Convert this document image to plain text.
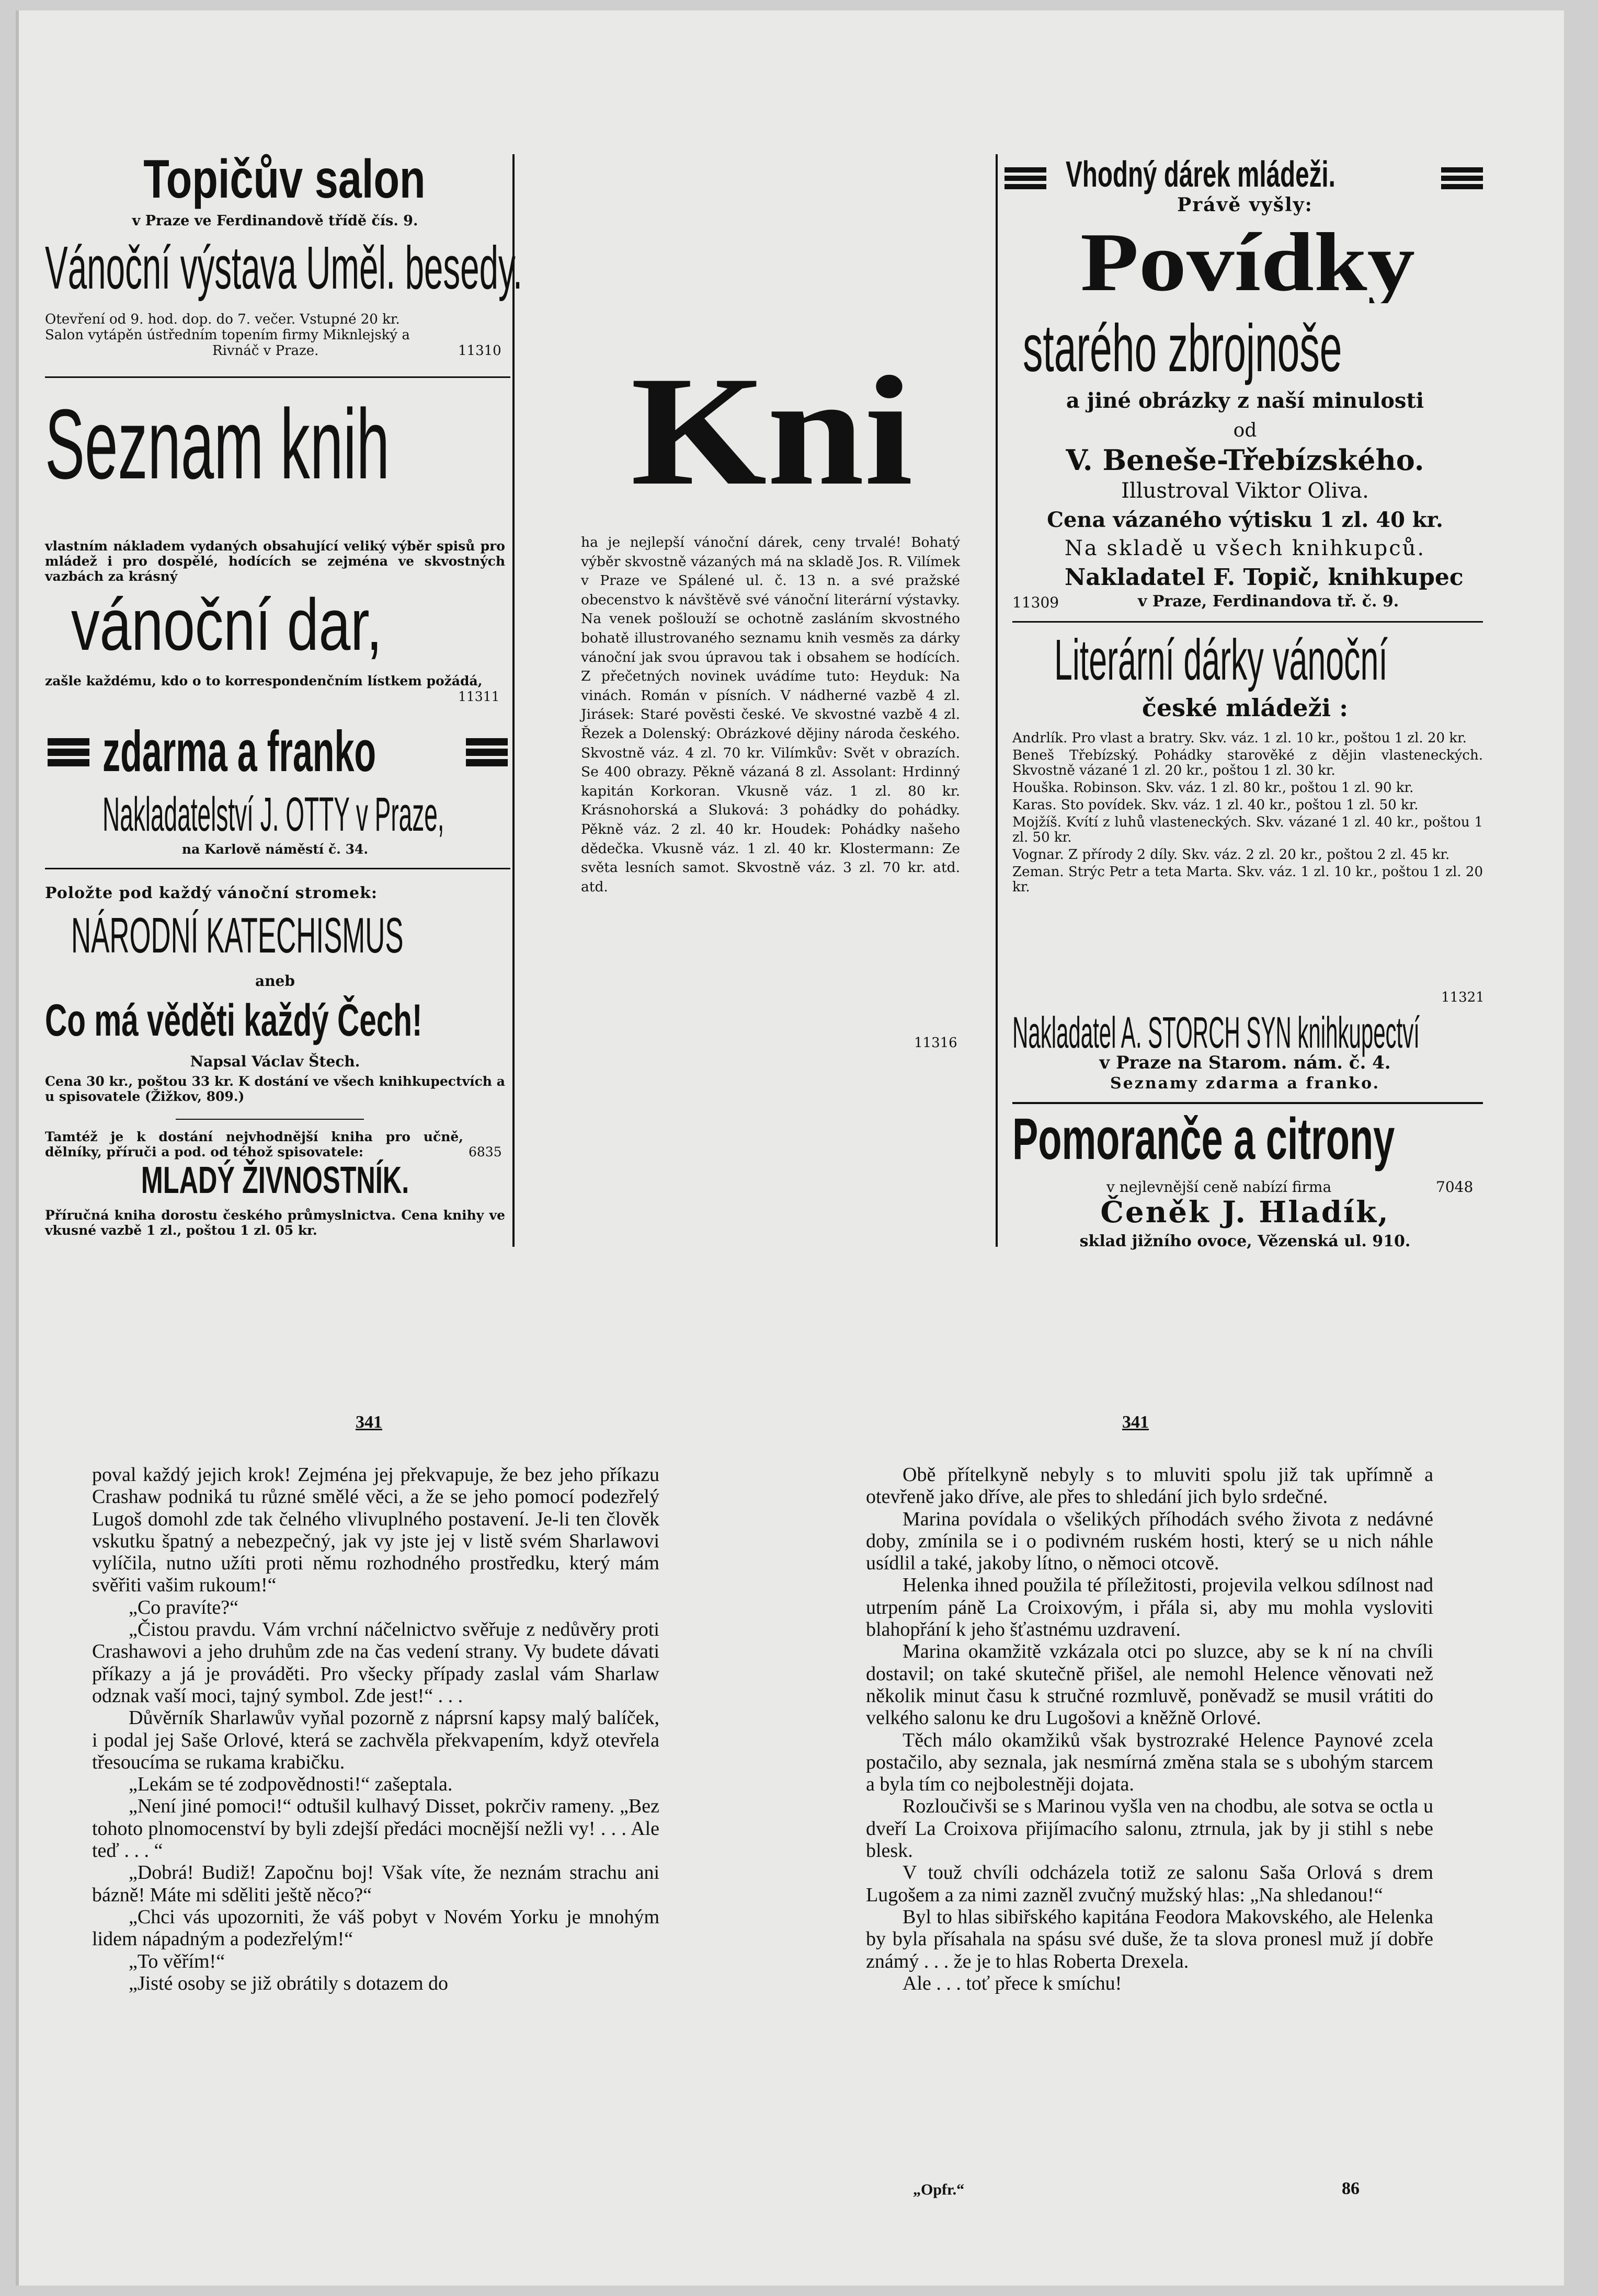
Topičův salon
v Praze ve Ferdinandově třídě čís. 9.
Vánoční výstava Uměl. besedy.
Otevření od 9. hod. dop. do 7. večer. Vstupné 20 kr.
Salon vytápěn ústředním topením firmy Miknlejský a
Rivnáč v Praze.	11310
Seznam knih
vlastním nákladem vydaných obsahující veliký výběr spisů pro mládež i pro dospělé, hodících se zejména ve skvostných vazbách za krásný
vánoční dar,
zašle každému, kdo o to korrespondenčním lístkem požádá,
11311
zdarma a franko
Nakladatelství J. OTTY v Praze,
na Karlově náměstí č. 34.
Položte pod každý vánoční stromek:
NÁRODNÍ KATECHISMUS
aneb
Co má věděti každý Čech!
Napsal Václav Štech.
Cena 30 kr., poštou 33 kr. K dostání ve všech knihkupectvích a u spisovatele (Žižkov, 809.)
Tamtéž je k dostání nejvhodnější kniha pro učně, dělníky, příruči a pod. od téhož spisovatele:	6835
MLADÝ ŽIVNOSTNÍK.
Příručná kniha dorostu českého průmyslnictva. Cena knihy ve vkusné vazbě 1 zl., poštou 1 zl. 05 kr.
Kni
ha je nejlepší vánoční dárek, ceny trvalé! Bohatý výběr skvostně vázaných má na skladě Jos. R. Vilímek v Praze ve Spálené ul. č. 13 n. a své pražské obecenstvo k návštěvě své vánoční literární výstavky. Na venek pošlouží se ochotně zasláním skvostného bohatě illustrovaného seznamu knih vesměs za dárky vánoční jak svou úpravou tak i obsahem se hodících. Z přečetných novinek uvádíme tuto: Heyduk: Na vinách. Román v písních. V nádherné vazbě 4 zl. Jirásek: Staré pověsti české. Ve skvostné vazbě 4 zl. Řezek a Dolenský: Obrázkové dějiny národa českého. Skvostně váz. 4 zl. 70 kr. Vilímkův: Svět v obrazích. Se 400 obrazy. Pěkně vázaná 8 zl. Assolant: Hrdinný kapitán Korkoran. Vkusně váz. 1 zl. 80 kr. Krásnohorská a Sluková: 3 pohádky do pohádky. Pěkně váz. 2 zl. 40 kr. Houdek: Pohádky našeho dědečka. Vkusně váz. 1 zl. 40 kr. Klostermann: Ze světa lesních samot. Skvostně váz. 3 zl. 70 kr. atd. atd.
11316
Vhodný dárek mládeži.
Právě vyšly:
Povídky
starého zbrojnoše
a jiné obrázky z naší minulosti
od
V. Beneše-Třebízského.
Illustroval Viktor Oliva.
Cena vázaného výtisku 1 zl. 40 kr.
Na skladě u všech knihkupců.
Nakladatel F. Topič, knihkupec
11309	v Praze, Ferdinandova tř. č. 9.
Literární dárky vánoční
české mládeži :
Andrlík. Pro vlast a bratry. Skv. váz. 1 zl. 10 kr., poštou 1 zl. 20 kr.
Beneš Třebízský. Pohádky starověké z dějin vlasteneckých. Skvostně vázané 1 zl. 20 kr., poštou 1 zl. 30 kr.
Houška. Robinson. Skv. váz. 1 zl. 80 kr., poštou 1 zl. 90 kr.
Karas. Sto povídek. Skv. váz. 1 zl. 40 kr., poštou 1 zl. 50 kr.
Mojžíš. Kvítí z luhů vlasteneckých. Skv. vázané 1 zl. 40 kr., poštou 1 zl. 50 kr.
Vognar. Z přírody 2 díly. Skv. váz. 2 zl. 20 kr., poštou 2 zl. 45 kr.
Zeman. Strýc Petr a teta Marta. Skv. váz. 1 zl. 10 kr., poštou 1 zl. 20 kr.
11321
Nakladatel A. STORCH SYN knihkupectví
v Praze na Starom. nám. č. 4.
Seznamy zdarma a franko.
Pomoranče a citrony
v nejlevnější ceně nabízí firma	7048
Čeněk J. Hladík,
sklad jižního ovoce, Vězenská ul. 910.
341	341

poval každý jejich krok! Zejména jej překvapuje, že bez jeho příkazu Crashaw podniká tu různé smělé věci, a že se jeho pomocí podezřelý Lugoš domohl zde tak čelného vlivuplného postavení. Je-li ten člověk vskutku špatný a nebezpečný, jak vy jste jej v listě svém Sharlawovi vylíčila, nutno užíti proti němu rozhodného prostředku, který mám svěřiti vašim rukoum!“

„Co pravíte?“

„Čistou pravdu. Vám vrchní náčelnictvo svěřuje z nedůvěry proti Crashawovi a jeho druhům zde na čas vedení strany. Vy budete dávati příkazy a já je prováděti. Pro všecky případy zaslal vám Sharlaw odznak vaší moci, tajný symbol. Zde jest!“ . . .

Důvěrník Sharlawův vyňal pozorně z náprsní kapsy malý balíček, i podal jej Saše Orlové, která se zachvěla překvapením, když otevřela třesoucíma se rukama krabičku.

„Lekám se té zodpovědnosti!“ zašeptala.

„Není jiné pomoci!“ odtušil kulhavý Disset, pokrčiv rameny. „Bez tohoto plnomocenství by byli zdejší předáci mocnější nežli vy! . . . Ale teď . . . “

„Dobrá! Budiž! Započnu boj! Však víte, že neznám strachu ani bázně! Máte mi sděliti ještě něco?“

„Chci vás upozorniti, že váš pobyt v Novém Yorku je mnohým lidem nápadným a podezřelým!“

„To věřím!“

„Jisté osoby se již obrátily s dotazem do

Obě přítelkyně nebyly s to mluviti spolu již tak upřímně a otevřeně jako dříve, ale přes to shledání jich bylo srdečné.

Marina povídala o všelikých příhodách svého života z nedávné doby, zmínila se i o podivném ruském hosti, který se u nich náhle usídlil a také, jakoby lítno, o němoci otcově.

Helenka ihned použila té příležitosti, projevila velkou sdílnost nad utrpením páně La Croixovým, i přála si, aby mu mohla vysloviti blahopřání k jeho šťastnému uzdravení.

Marina okamžitě vzkázala otci po sluzce, aby se k ní na chvíli dostavil; on také skutečně přišel, ale nemohl Helence věnovati než několik minut času k stručné rozmluvě, poněvadž se musil vrátiti do velkého salonu ke dru Lugošovi a kněžně Orlové.

Těch málo okamžiků však bystrozraké Helence Paynové zcela postačilo, aby seznala, jak nesmírná změna stala se s ubohým starcem a byla tím co nejbolestněji dojata.

Rozloučivši se s Marinou vyšla ven na chodbu, ale sotva se octla u dveří La Croixova přijímacího salonu, ztrnula, jak by ji stihl s nebe blesk.

V touž chvíli odcházela totiž ze salonu Saša Orlová s drem Lugošem a za nimi zazněl zvučný mužský hlas: „Na shledanou!“

Byl to hlas sibiřského kapitána Feodora Makovského, ale Helenka by byla přísahala na spásu své duše, že ta slova pronesl muž jí dobře známý . . . že je to hlas Roberta Drexela.

Ale . . . toť přece k smíchu!

„Opfr.“	86
